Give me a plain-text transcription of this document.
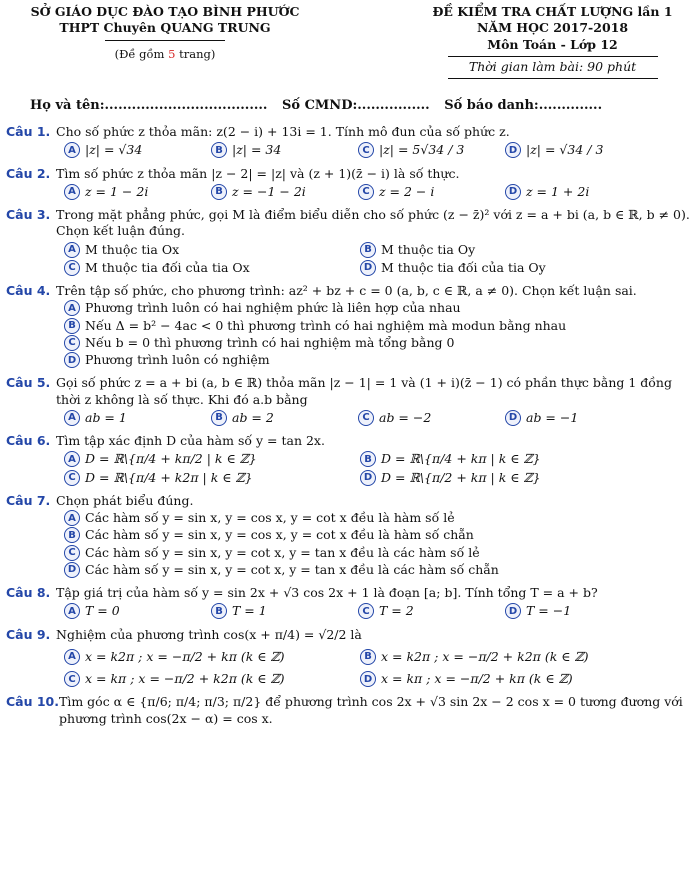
SỞ GIÁO DỤC ĐÀO TẠO BÌNH PHƯỚC
THPT Chuyên QUANG TRUNG
(Đề gồm 5 trang)
ĐỀ KIỂM TRA CHẤT LƯỢNG lần 1
NĂM HỌC 2017-2018
Môn Toán - Lớp 12
Thời gian làm bài: 90 phút
Họ và tên:.................................... Số CMND:................ Số báo danh:..............
Câu 1. Cho số phức z thỏa mãn: z(2 − i) + 13i = 1. Tính mô đun của số phức z.
A |z| = √34	B |z| = 34	C |z| = 5√34 / 3	D |z| = √34 / 3
Câu 2. Tìm số phức z thỏa mãn |z − 2| = |z| và (z + 1)(z̄ − i) là số thực.
A z = 1 − 2i	B z = −1 − 2i	C z = 2 − i	D z = 1 + 2i
Câu 3. Trong mặt phẳng phức, gọi M là điểm biểu diễn cho số phức (z − z̄)² với z = a + bi (a, b ∈ ℝ, b ≠ 0). Chọn kết luận đúng.
A M thuộc tia Ox	B M thuộc tia Oy
C M thuộc tia đối của tia Ox	D M thuộc tia đối của tia Oy
Câu 4. Trên tập số phức, cho phương trình: az² + bz + c = 0 (a, b, c ∈ ℝ, a ≠ 0). Chọn kết luận sai.
A Phương trình luôn có hai nghiệm phức là liên hợp của nhau
B Nếu Δ = b² − 4ac < 0 thì phương trình có hai nghiệm mà modun bằng nhau
C Nếu b = 0 thì phương trình có hai nghiệm mà tổng bằng 0
D Phương trình luôn có nghiệm
Câu 5. Gọi số phức z = a + bi (a, b ∈ ℝ) thỏa mãn |z − 1| = 1 và (1 + i)(z̄ − 1) có phần thực bằng 1 đồng thời z không là số thực. Khi đó a.b bằng
A ab = 1	B ab = 2	C ab = −2	D ab = −1
Câu 6. Tìm tập xác định D của hàm số y = tan 2x.
A D = ℝ\{π/4 + kπ/2 | k ∈ ℤ}	B D = ℝ\{π/4 + kπ | k ∈ ℤ}
C D = ℝ\{π/4 + k2π | k ∈ ℤ}	D D = ℝ\{π/2 + kπ | k ∈ ℤ}
Câu 7. Chọn phát biểu đúng.
A Các hàm số y = sin x, y = cos x, y = cot x đều là hàm số lẻ
B Các hàm số y = sin x, y = cos x, y = cot x đều là hàm số chẵn
C Các hàm số y = sin x, y = cot x, y = tan x đều là các hàm số lẻ
D Các hàm số y = sin x, y = cot x, y = tan x đều là các hàm số chẵn
Câu 8. Tập giá trị của hàm số y = sin 2x + √3 cos 2x + 1 là đoạn [a; b]. Tính tổng T = a + b?
A T = 0	B T = 1	C T = 2	D T = −1
Câu 9. Nghiệm của phương trình cos(x + π/4) = √2/2 là
A x = k2π ; x = −π/2 + kπ (k ∈ ℤ)	B x = k2π ; x = −π/2 + k2π (k ∈ ℤ)
C x = kπ ; x = −π/2 + k2π (k ∈ ℤ)	D x = kπ ; x = −π/2 + kπ (k ∈ ℤ)
Câu 10. Tìm góc α ∈ {π/6; π/4; π/3; π/2} để phương trình cos 2x + √3 sin 2x − 2 cos x = 0 tương đương với phương trình cos(2x − α) = cos x.
